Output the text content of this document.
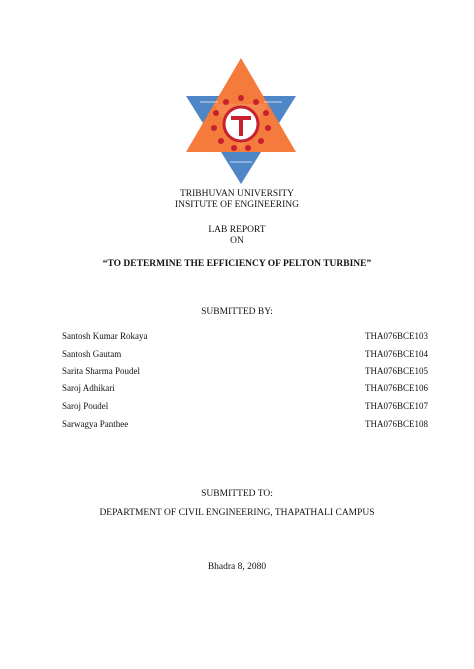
TRIBHUVAN UNIVERSITY
INSITUTE OF ENGINEERING
LAB REPORT
ON
“TO DETERMINE THE EFFICIENCY OF PELTON TURBINE”
SUBMITTED BY:
Santosh Kumar Rokaya	THA076BCE103
Santosh Gautam	THA076BCE104
Sarita Sharma Poudel	THA076BCE105
Saroj Adhikari	THA076BCE106
Saroj Poudel	THA076BCE107
Sarwagya Panthee	THA076BCE108
SUBMITTED TO:
DEPARTMENT OF CIVIL ENGINEERING, THAPATHALI CAMPUS
Bhadra 8, 2080
